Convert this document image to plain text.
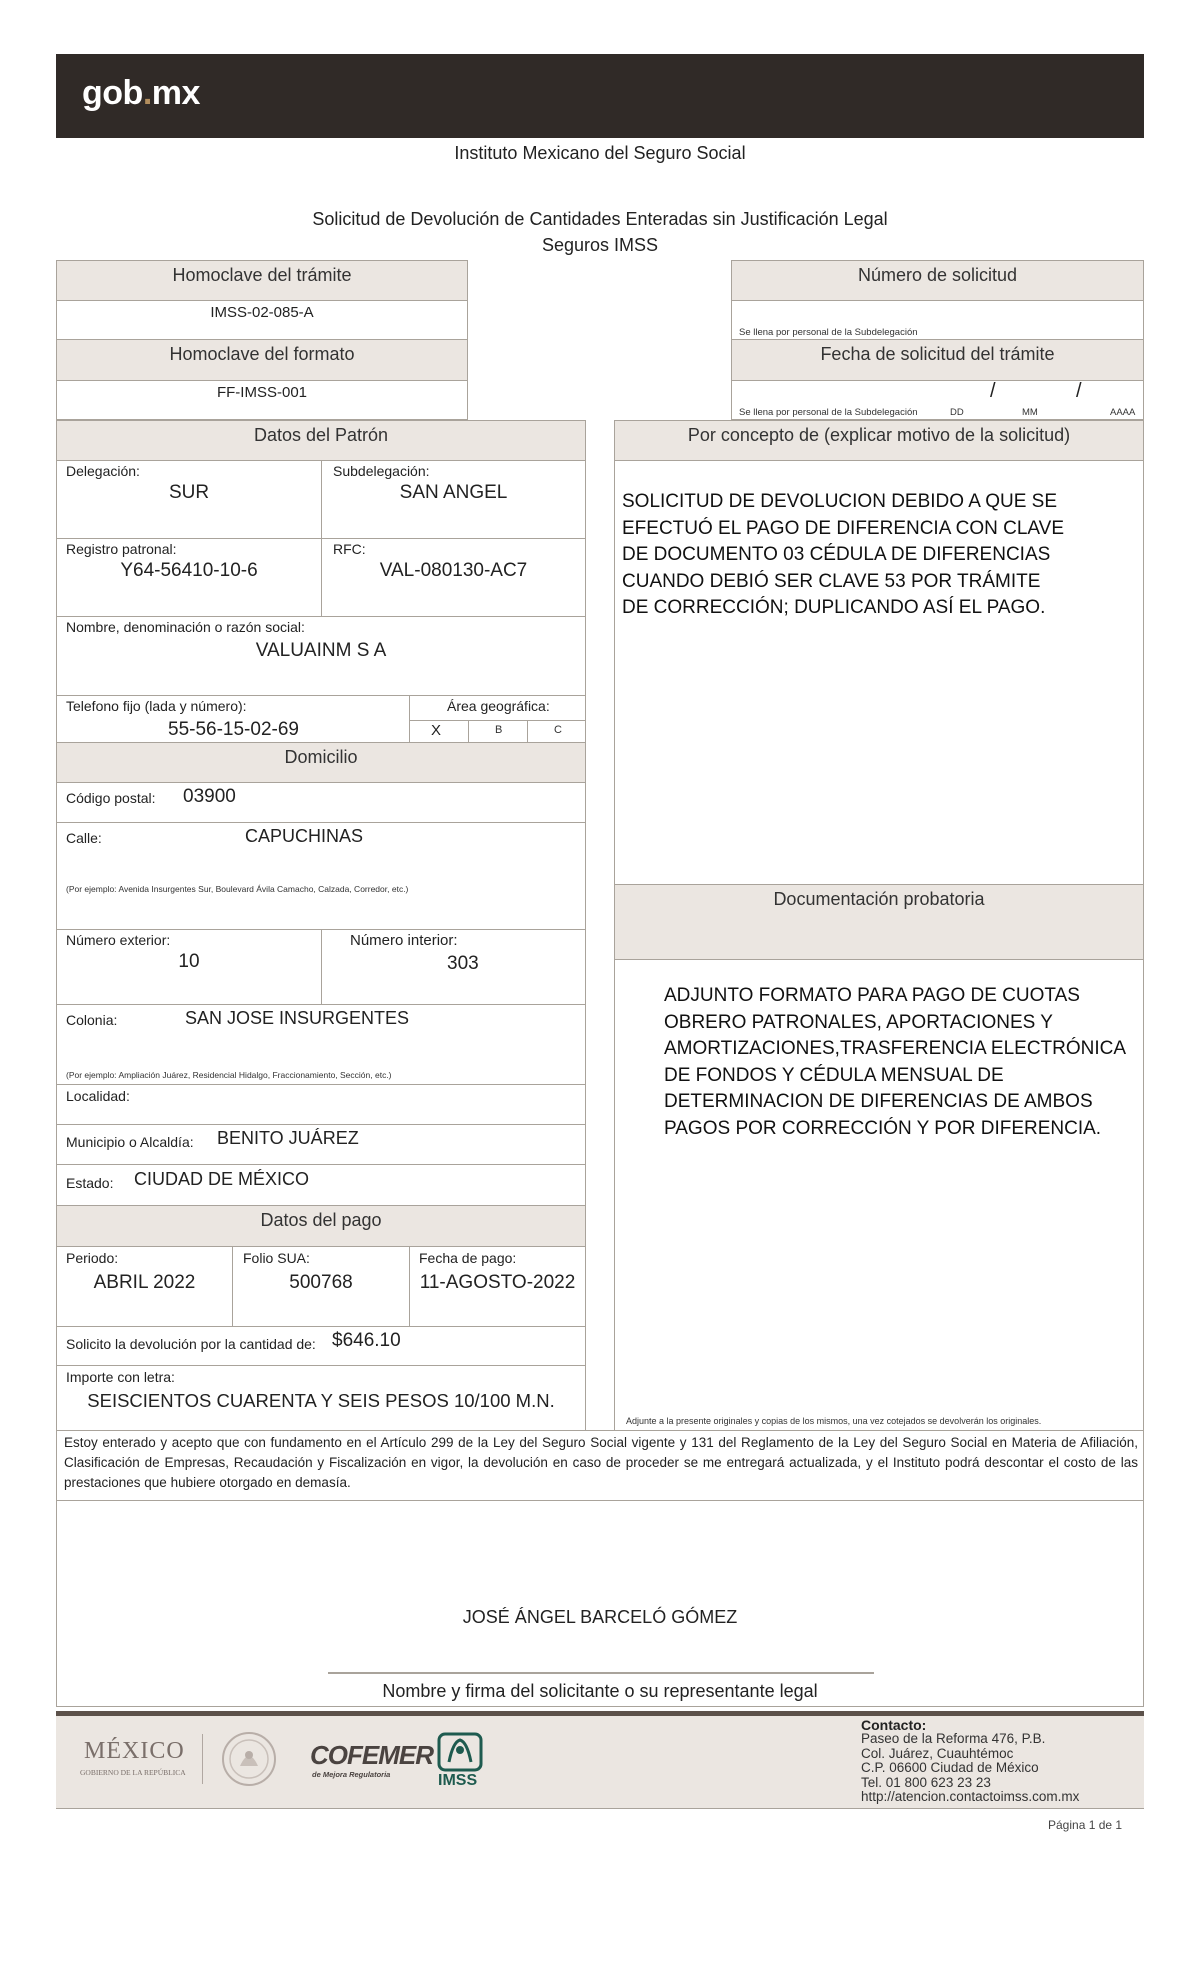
gob.mx
Instituto Mexicano del Seguro Social
Solicitud de Devolución de Cantidades Enteradas sin Justificación Legal
Seguros IMSS
Homoclave del trámite
IMSS-02-085-A
Homoclave del formato
FF-IMSS-001
Número de solicitud
Se llena por personal de la Subdelegación
Fecha de solicitud del trámite
Se llena por personal de la Subdelegación
/	/
DD	MM	AAAA
Datos del Patrón
Delegación:
SUR
Subdelegación:
SAN ANGEL
Registro patronal:
Y64-56410-10-6
RFC:
VAL-080130-AC7
Nombre, denominación o razón social:
VALUAINM S A
Telefono fijo (lada y número):
55-56-15-02-69
Área geográfica:
X	B	C
Domicilio
Código postal: 03900
Calle:	CAPUCHINAS
(Por ejemplo: Avenida Insurgentes Sur, Boulevard Ávila Camacho, Calzada, Corredor, etc.)
Número exterior:
10
Número interior:
303
Colonia:	SAN JOSE INSURGENTES
(Por ejemplo: Ampliación Juárez, Residencial Hidalgo, Fraccionamiento, Sección, etc.)
Localidad:
Municipio o Alcaldía: BENITO JUÁREZ
Estado: CIUDAD DE MÉXICO
Datos del pago
Periodo:
ABRIL 2022
Folio SUA:
500768
Fecha de pago:
11-AGOSTO-2022
Solicito la devolución por la cantidad de: $646.10
Importe con letra:
SEISCIENTOS CUARENTA Y SEIS PESOS 10/100 M.N.
Por concepto de (explicar motivo de la solicitud)
SOLICITUD DE DEVOLUCION DEBIDO A QUE SE
EFECTUÓ EL PAGO DE DIFERENCIA CON CLAVE
DE DOCUMENTO 03 CÉDULA DE DIFERENCIAS
CUANDO DEBIÓ SER CLAVE 53 POR TRÁMITE
DE CORRECCIÓN; DUPLICANDO ASÍ EL PAGO.
Documentación probatoria
ADJUNTO FORMATO PARA PAGO DE CUOTAS
OBRERO PATRONALES, APORTACIONES Y
AMORTIZACIONES,TRASFERENCIA ELECTRÓNICA
DE FONDOS Y CÉDULA MENSUAL DE
DETERMINACION DE DIFERENCIAS DE AMBOS
PAGOS POR CORRECCIÓN Y POR DIFERENCIA.
Adjunte a la presente originales y copias de los mismos, una vez cotejados se devolverán los originales.
Estoy enterado y acepto que con fundamento en el Artículo 299 de la Ley del Seguro Social vigente y 131 del Reglamento de la Ley del Seguro Social en Materia de Afiliación, Clasificación de Empresas, Recaudación y Fiscalización en vigor, la devolución en caso de proceder se me entregará actualizada, y el Instituto podrá descontar el costo de las prestaciones que hubiere otorgado en demasía.
JOSÉ ÁNGEL BARCELÓ GÓMEZ
Nombre y firma del solicitante o su representante legal
MÉXICO
GOBIERNO DE LA REPÚBLICA
COFEMER
de Mejora Regulatoria	IMSS
Contacto:
Paseo de la Reforma 476, P.B.
Col. Juárez, Cuauhtémoc
C.P. 06600 Ciudad de México
Tel. 01 800 623 23 23
http://atencion.contactoimss.com.mx
Página 1 de 1
